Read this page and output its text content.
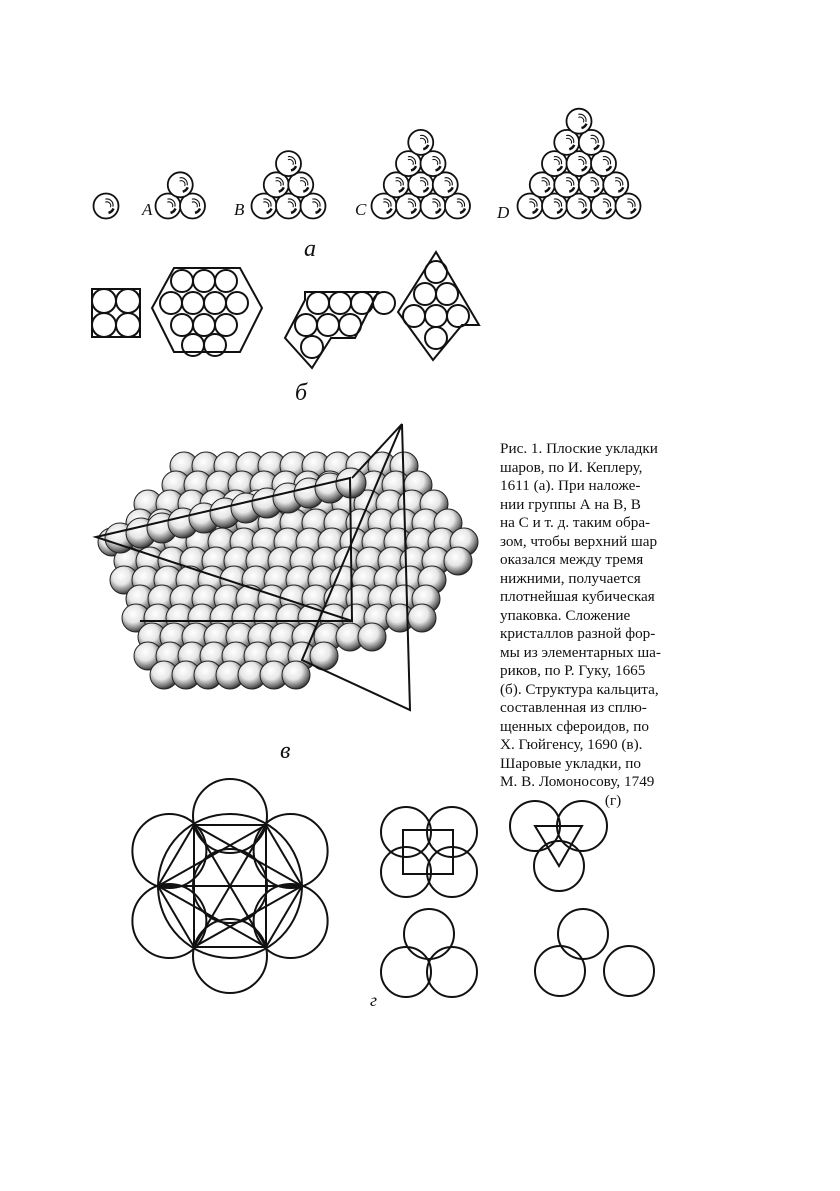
A	B	C	D
а
б
в
г

Рис. 1. Плоские укладки

шаров, по И. Кеплеру,

1611 (а). При наложе-

нии группы А на В, В

на С и т. д. таким обра-

зом, чтобы верхний шар

оказался между тремя

нижними, получается

плотнейшая кубическая

упаковка. Сложение

кристаллов разной фор-

мы из элементарных ша-

риков, по Р. Гуку, 1665

(б). Структура кальцита,

составленная из сплю-

щенных сфероидов, по

Х. Гюйгенсу, 1690 (в).

Шаровые укладки, по

М. В. Ломоносову, 1749

(г)
